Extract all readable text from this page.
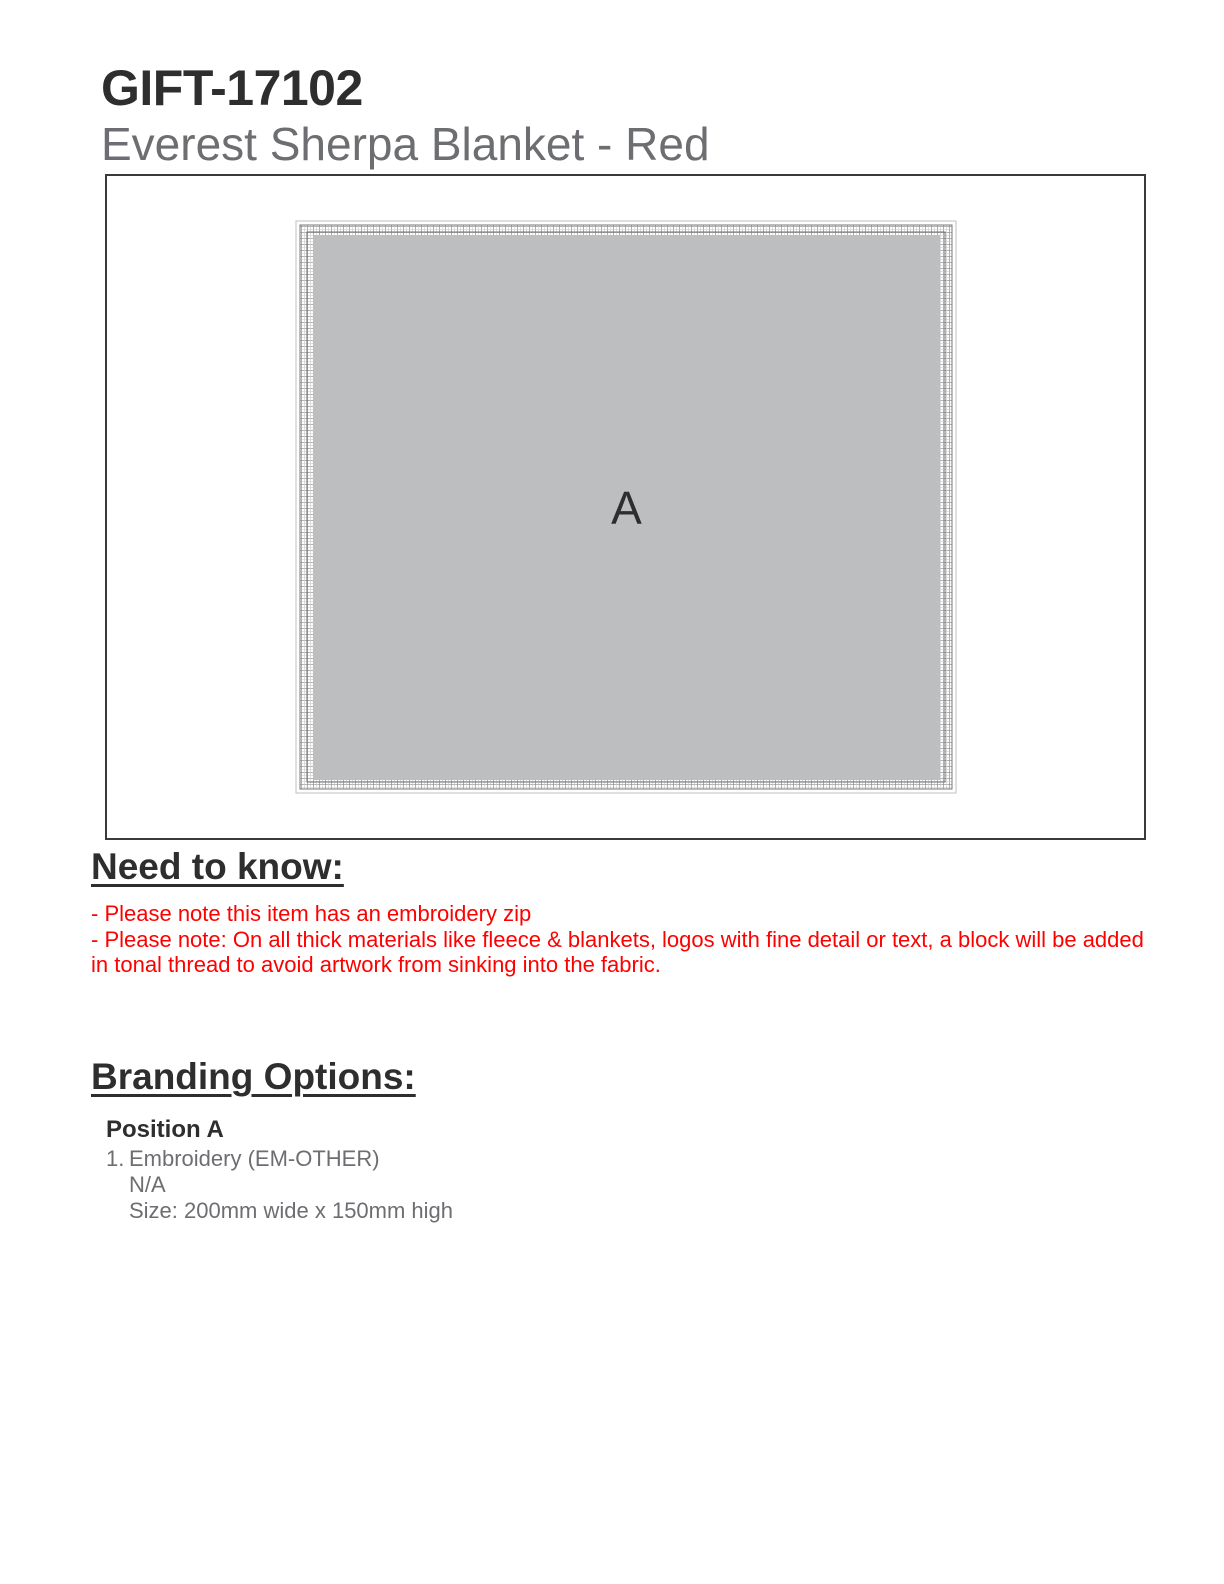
GIFT-17102
Everest Sherpa Blanket - Red
A
Need to know:
- Please note this item has an embroidery zip
- Please note: On all thick materials like fleece & blankets, logos with fine detail or text, a block will be added in tonal thread to avoid artwork from sinking into the fabric.
Branding Options:
Position A
1. Embroidery (EM-OTHER)
N/A
Size: 200mm wide x 150mm high
